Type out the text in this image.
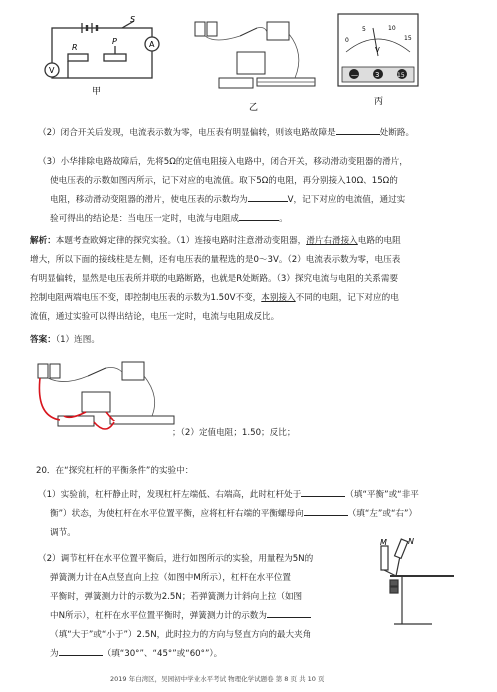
A
V
R
P
S
甲
乙
0
5	10
15
V
— 3	15
丙
（2）闭合开关后发现，电流表示数为零，电压表有明显偏转，则该电路故障是	处断路。
（3）小华排除电路故障后，先将5Ω的定值电阻接入电路中，闭合开关，移动滑动变阻器的滑片，
使电压表的示数如图丙所示，记下对应的电流值。取下5Ω的电阻，再分别接入10Ω、15Ω的
电阻，移动滑动变阻器的滑片，使电压表的示数均为	V，记下对应的电流值，通过实
验可得出的结论是：当电压一定时，电流与电阻成	。
解析：本题考查欧姆定律的探究实验。（1）连接电路时注意滑动变阻器，滑片右滑接入电路的电阻
增大，所以下面的接线柱是左侧，还有电压表的量程选的是0～3V。（2）电流表示数为零，电压表
有明显偏转，显然是电压表所并联的电路断路，也就是R处断路。（3）探究电流与电阻的关系需要
控制电阻两端电压不变，即控制电压表的示数为1.50V不变，本别接入不同的电阻，记下对应的电
流值，通过实验可以得出结论，电压一定时，电流与电阻成反比。
答案：（1）连图。
；（2）定值电阻；1.50；反比；
20．在“探究杠杆的平衡条件”的实验中：
（1）实验前，杠杆静止时，发现杠杆左端低、右端高，此时杠杆处于	（填“平衡”或“非平
衡”）状态，为使杠杆在水平位置平衡，应将杠杆右端的平衡螺母向	（填“左”或“右”）
调节。
（2）调节杠杆在水平位置平衡后，进行如图所示的实验，用量程为5N的
弹簧测力计在A点竖直向上拉（如图中M所示），杠杆在水平位置
平衡时，弹簧测力计的示数为2.5N；若弹簧测力计斜向上拉（如图
中N所示），杠杆在水平位置平衡时，弹簧测力计的示数为
（填“大于”或“小于”）2.5N，此时拉力的方向与竖直方向的最大夹角
为	（填“30°”、“45°”或“60°”）。
M	N
2019 年白湾区，吴园初中学业水平考试 物理化学试题卷 第 8 页 共 10 页
